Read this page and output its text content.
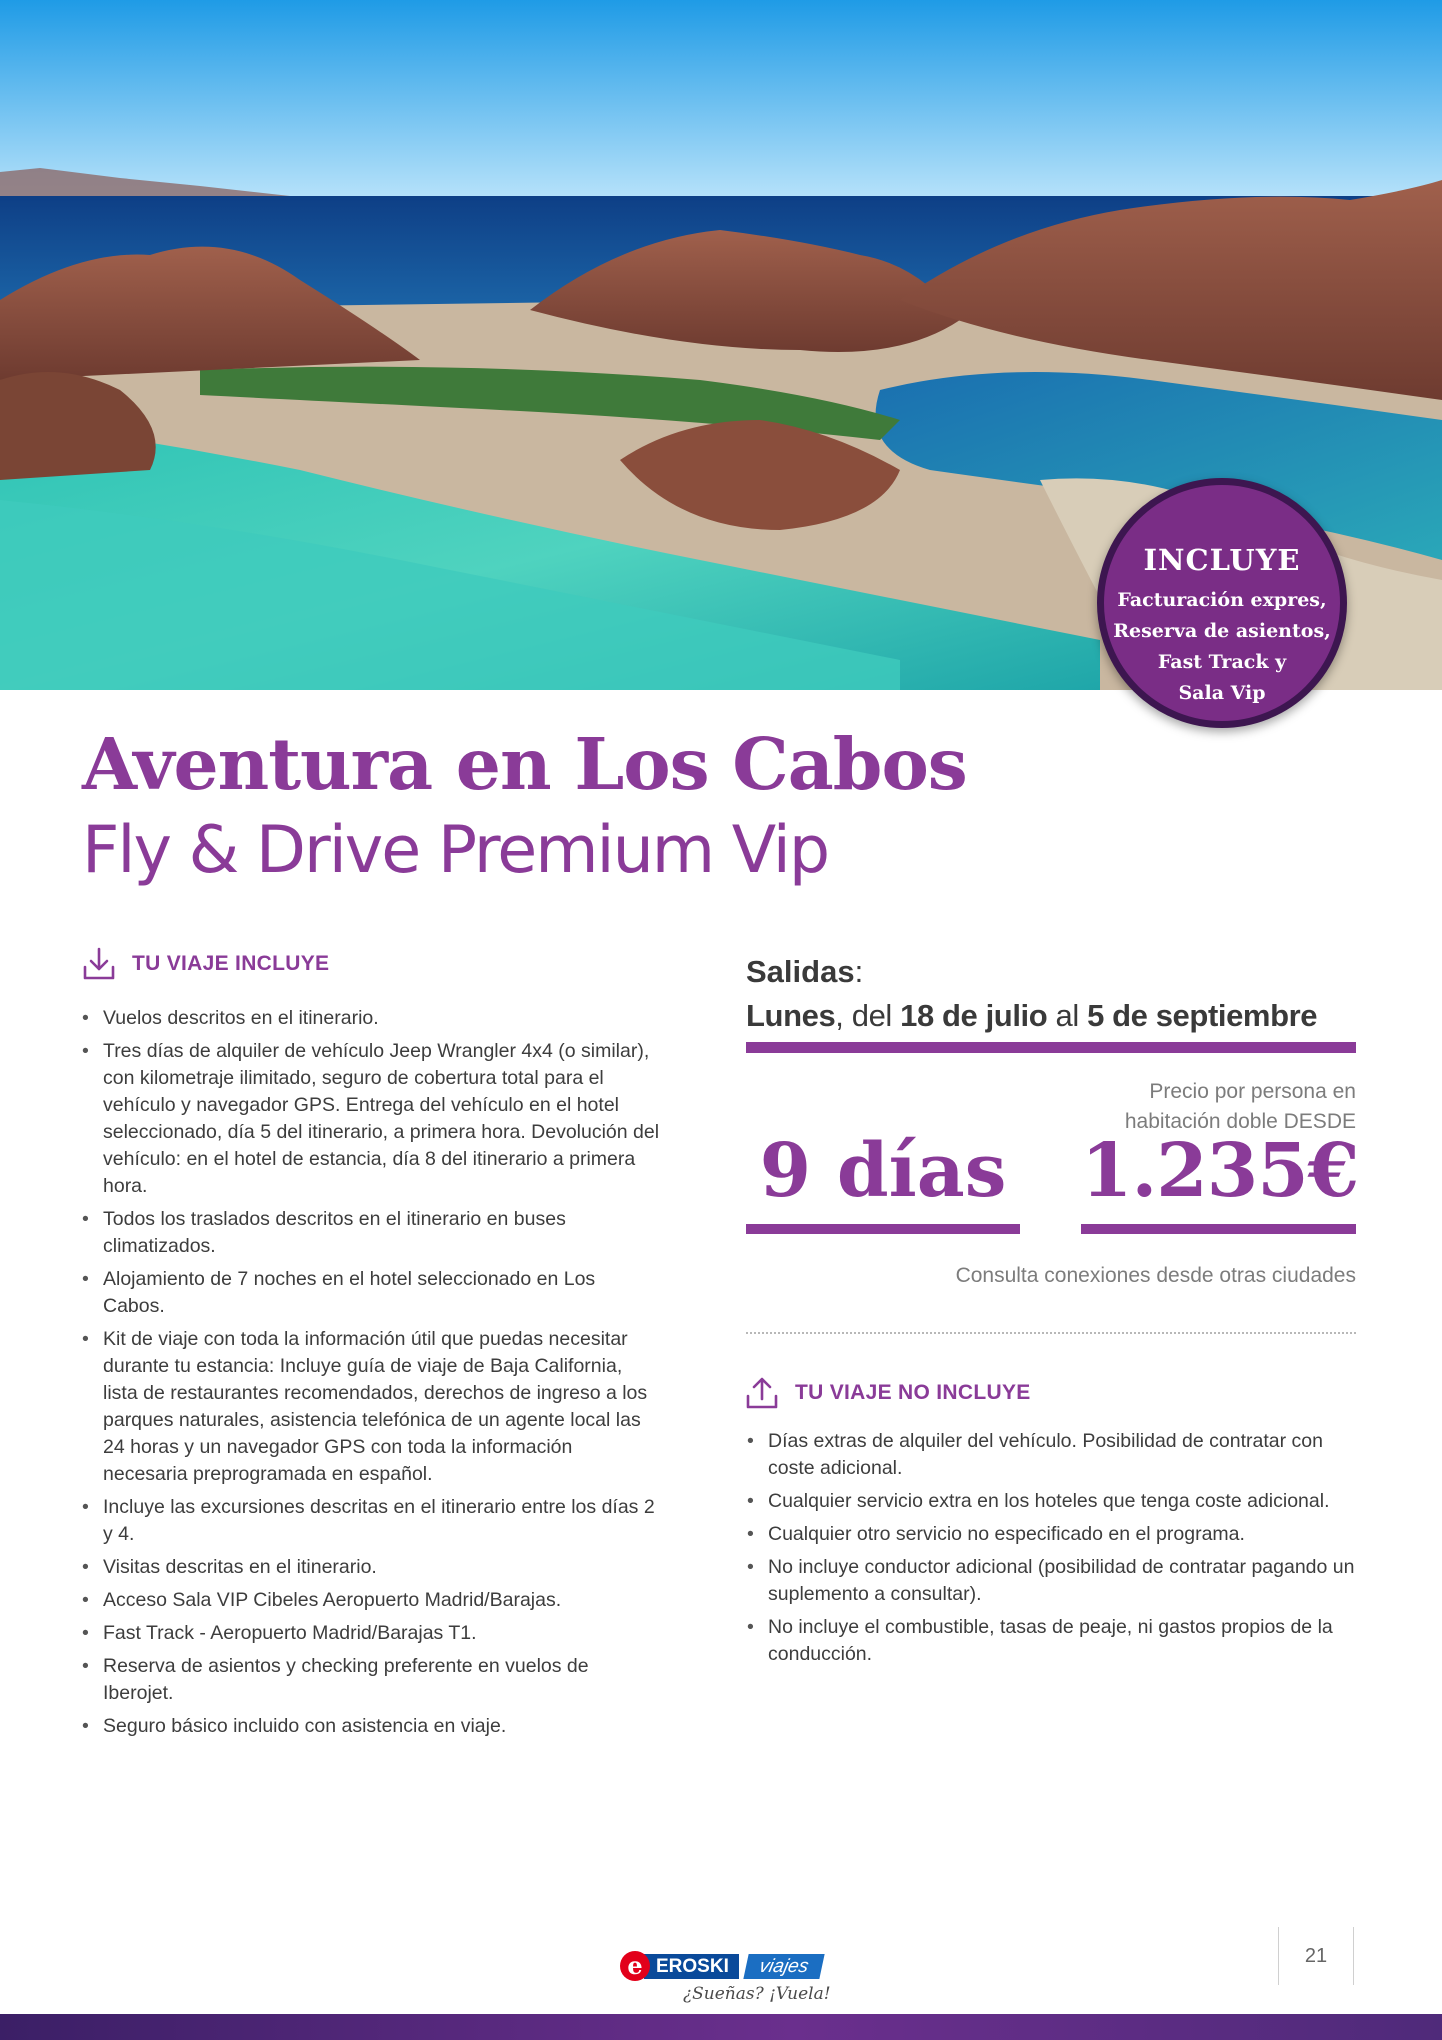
INCLUYE
Facturación expres,
Reserva de asientos,
Fast Track y
Sala Vip
Aventura en Los Cabos
Fly & Drive Premium Vip
TU VIAJE INCLUYE
• Vuelos descritos en el itinerario.
• Tres días de alquiler de vehículo Jeep Wrangler 4x4 (o similar), con kilometraje ilimitado, seguro de cobertura total para el vehículo y navegador GPS. Entrega del vehículo en el hotel seleccionado, día 5 del itinerario, a primera hora. Devolución del vehículo: en el hotel de estancia, día 8 del itinerario a primera hora.
• Todos los traslados descritos en el itinerario en buses climatizados.
• Alojamiento de 7 noches en el hotel seleccionado en Los Cabos.
• Kit de viaje con toda la información útil que puedas necesitar durante tu estancia: Incluye guía de viaje de Baja California, lista de restaurantes recomendados, derechos de ingreso a los parques naturales, asistencia telefónica de un agente local las 24 horas y un navegador GPS con toda la información necesaria preprogramada en español.
• Incluye las excursiones descritas en el itinerario entre los días 2 y 4.
• Visitas descritas en el itinerario.
• Acceso Sala VIP Cibeles Aeropuerto Madrid/Barajas.
• Fast Track - Aeropuerto Madrid/Barajas T1.
• Reserva de asientos y checking preferente en vuelos de Iberojet.
• Seguro básico incluido con asistencia en viaje.
Salidas:
Lunes, del 18 de julio al 5 de septiembre
Precio por persona en
habitación doble DESDE
9 días 1.235€
Consulta conexiones desde otras ciudades
TU VIAJE NO INCLUYE
• Días extras de alquiler del vehículo. Posibilidad de contratar con coste adicional.
• Cualquier servicio extra en los hoteles que tenga coste adicional.
• Cualquier otro servicio no especificado en el programa.
• No incluye conductor adicional (posibilidad de contratar pagando un suplemento a consultar).
• No incluye el combustible, tasas de peaje, ni gastos propios de la conducción.
EROSKI	viajes
e
¿Sueñas? ¡Vuela!
21
